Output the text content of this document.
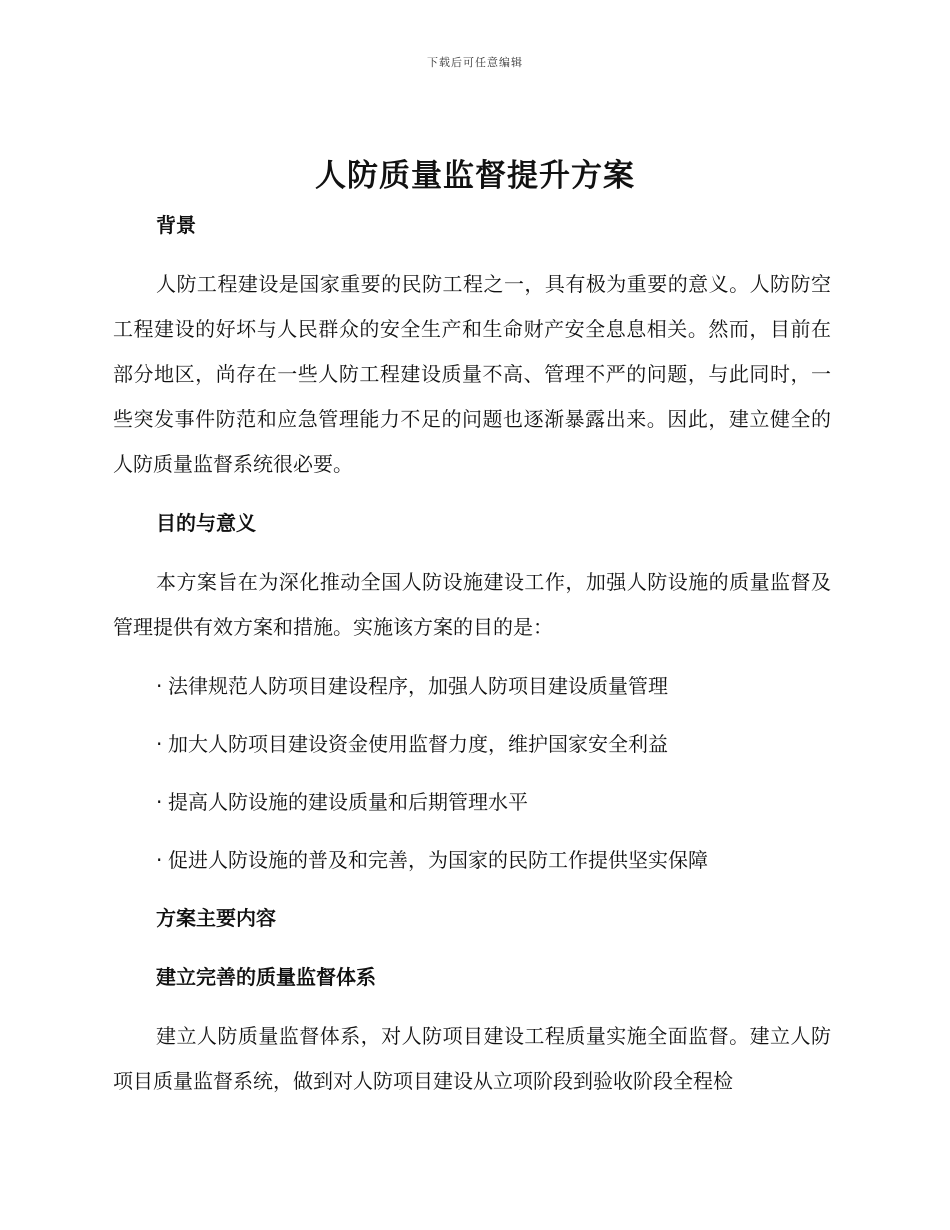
下载后可任意编辑
人防质量监督提升方案
背景

人防工程建设是国家重要的民防工程之一，具有极为重要的意义。人防防空工程建设的好坏与人民群众的安全生产和生命财产安全息息相关。然而，目前在部分地区，尚存在一些人防工程建设质量不高、管理不严的问题，与此同时，一些突发事件防范和应急管理能力不足的问题也逐渐暴露出来。因此，建立健全的人防质量监督系统很必要。

目的与意义

本方案旨在为深化推动全国人防设施建设工作，加强人防设施的质量监督及管理提供有效方案和措施。实施该方案的目的是：

· 法律规范人防项目建设程序，加强人防项目建设质量管理
· 加大人防项目建设资金使用监督力度，维护国家安全利益
· 提高人防设施的建设质量和后期管理水平
· 促进人防设施的普及和完善，为国家的民防工作提供坚实保障
方案主要内容
建立完善的质量监督体系

建立人防质量监督体系，对人防项目建设工程质量实施全面监督。建立人防项目质量监督系统，做到对人防项目建设从立项阶段到验收阶段全程检
